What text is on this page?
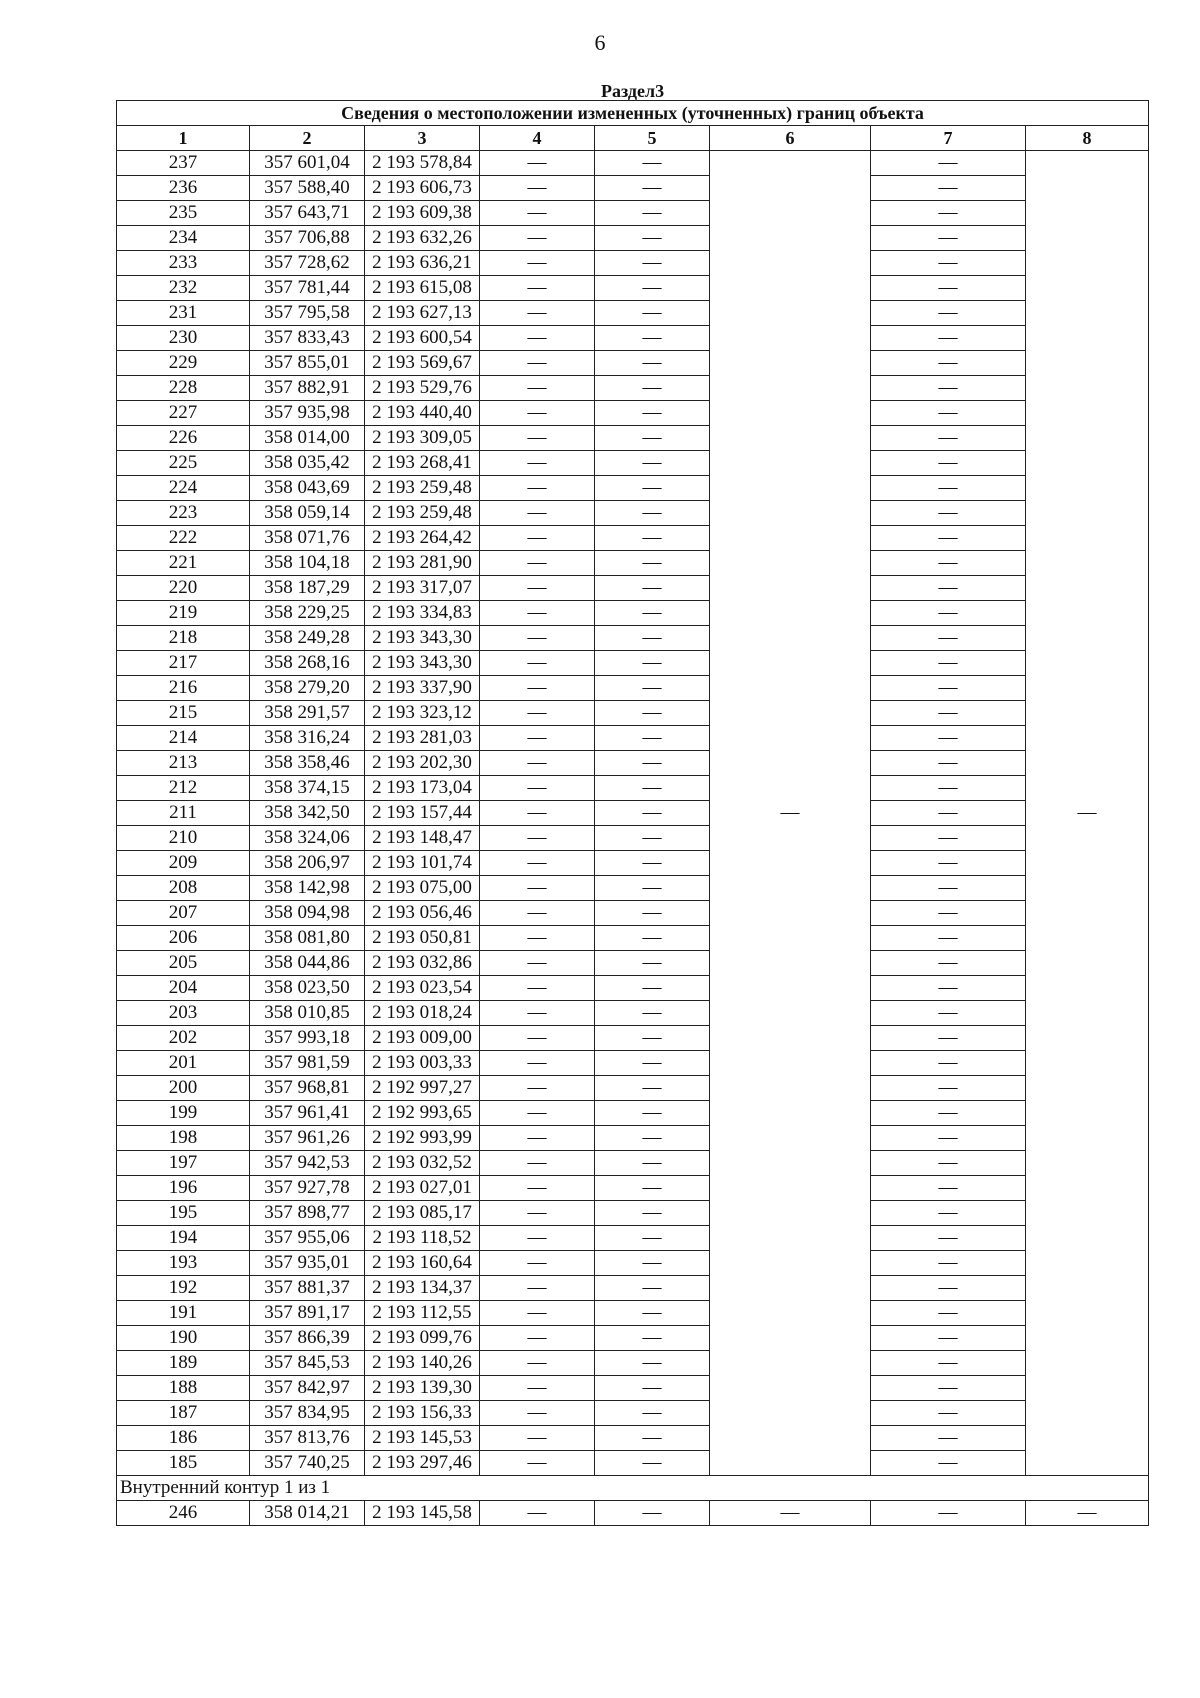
6
Раздел3							
Сведения о местоположении измененных (уточненных) границ объекта							
1	2	3	4	5	6	7	8
237	357 601,04	2 193 578,84	—	—	—	—	—
236	357 588,40	2 193 606,73	—	—		—	
235	357 643,71	2 193 609,38	—	—		—	
234	357 706,88	2 193 632,26	—	—		—	
233	357 728,62	2 193 636,21	—	—		—	
232	357 781,44	2 193 615,08	—	—		—	
231	357 795,58	2 193 627,13	—	—		—	
230	357 833,43	2 193 600,54	—	—		—	
229	357 855,01	2 193 569,67	—	—		—	
228	357 882,91	2 193 529,76	—	—		—	
227	357 935,98	2 193 440,40	—	—		—	
226	358 014,00	2 193 309,05	—	—		—	
225	358 035,42	2 193 268,41	—	—		—	
224	358 043,69	2 193 259,48	—	—		—	
223	358 059,14	2 193 259,48	—	—		—	
222	358 071,76	2 193 264,42	—	—		—	
221	358 104,18	2 193 281,90	—	—		—	
220	358 187,29	2 193 317,07	—	—		—	
219	358 229,25	2 193 334,83	—	—		—	
218	358 249,28	2 193 343,30	—	—		—	
217	358 268,16	2 193 343,30	—	—		—	
216	358 279,20	2 193 337,90	—	—		—	
215	358 291,57	2 193 323,12	—	—		—	
214	358 316,24	2 193 281,03	—	—		—	
213	358 358,46	2 193 202,30	—	—		—	
212	358 374,15	2 193 173,04	—	—		—	
211	358 342,50	2 193 157,44	—	—		—	
210	358 324,06	2 193 148,47	—	—		—	
209	358 206,97	2 193 101,74	—	—		—	
208	358 142,98	2 193 075,00	—	—		—	
207	358 094,98	2 193 056,46	—	—		—	
206	358 081,80	2 193 050,81	—	—		—	
205	358 044,86	2 193 032,86	—	—		—	
204	358 023,50	2 193 023,54	—	—		—	
203	358 010,85	2 193 018,24	—	—		—	
202	357 993,18	2 193 009,00	—	—		—	
201	357 981,59	2 193 003,33	—	—		—	
200	357 968,81	2 192 997,27	—	—		—	
199	357 961,41	2 192 993,65	—	—		—	
198	357 961,26	2 192 993,99	—	—		—	
197	357 942,53	2 193 032,52	—	—		—	
196	357 927,78	2 193 027,01	—	—		—	
195	357 898,77	2 193 085,17	—	—		—	
194	357 955,06	2 193 118,52	—	—		—	
193	357 935,01	2 193 160,64	—	—		—	
192	357 881,37	2 193 134,37	—	—		—	
191	357 891,17	2 193 112,55	—	—		—	
190	357 866,39	2 193 099,76	—	—		—	
189	357 845,53	2 193 140,26	—	—		—	
188	357 842,97	2 193 139,30	—	—		—	
187	357 834,95	2 193 156,33	—	—		—	
186	357 813,76	2 193 145,53	—	—		—	
185	357 740,25	2 193 297,46	—	—		—	
Внутренний контур 1 из 1							
246	358 014,21	2 193 145,58	—	—	—	—	—
